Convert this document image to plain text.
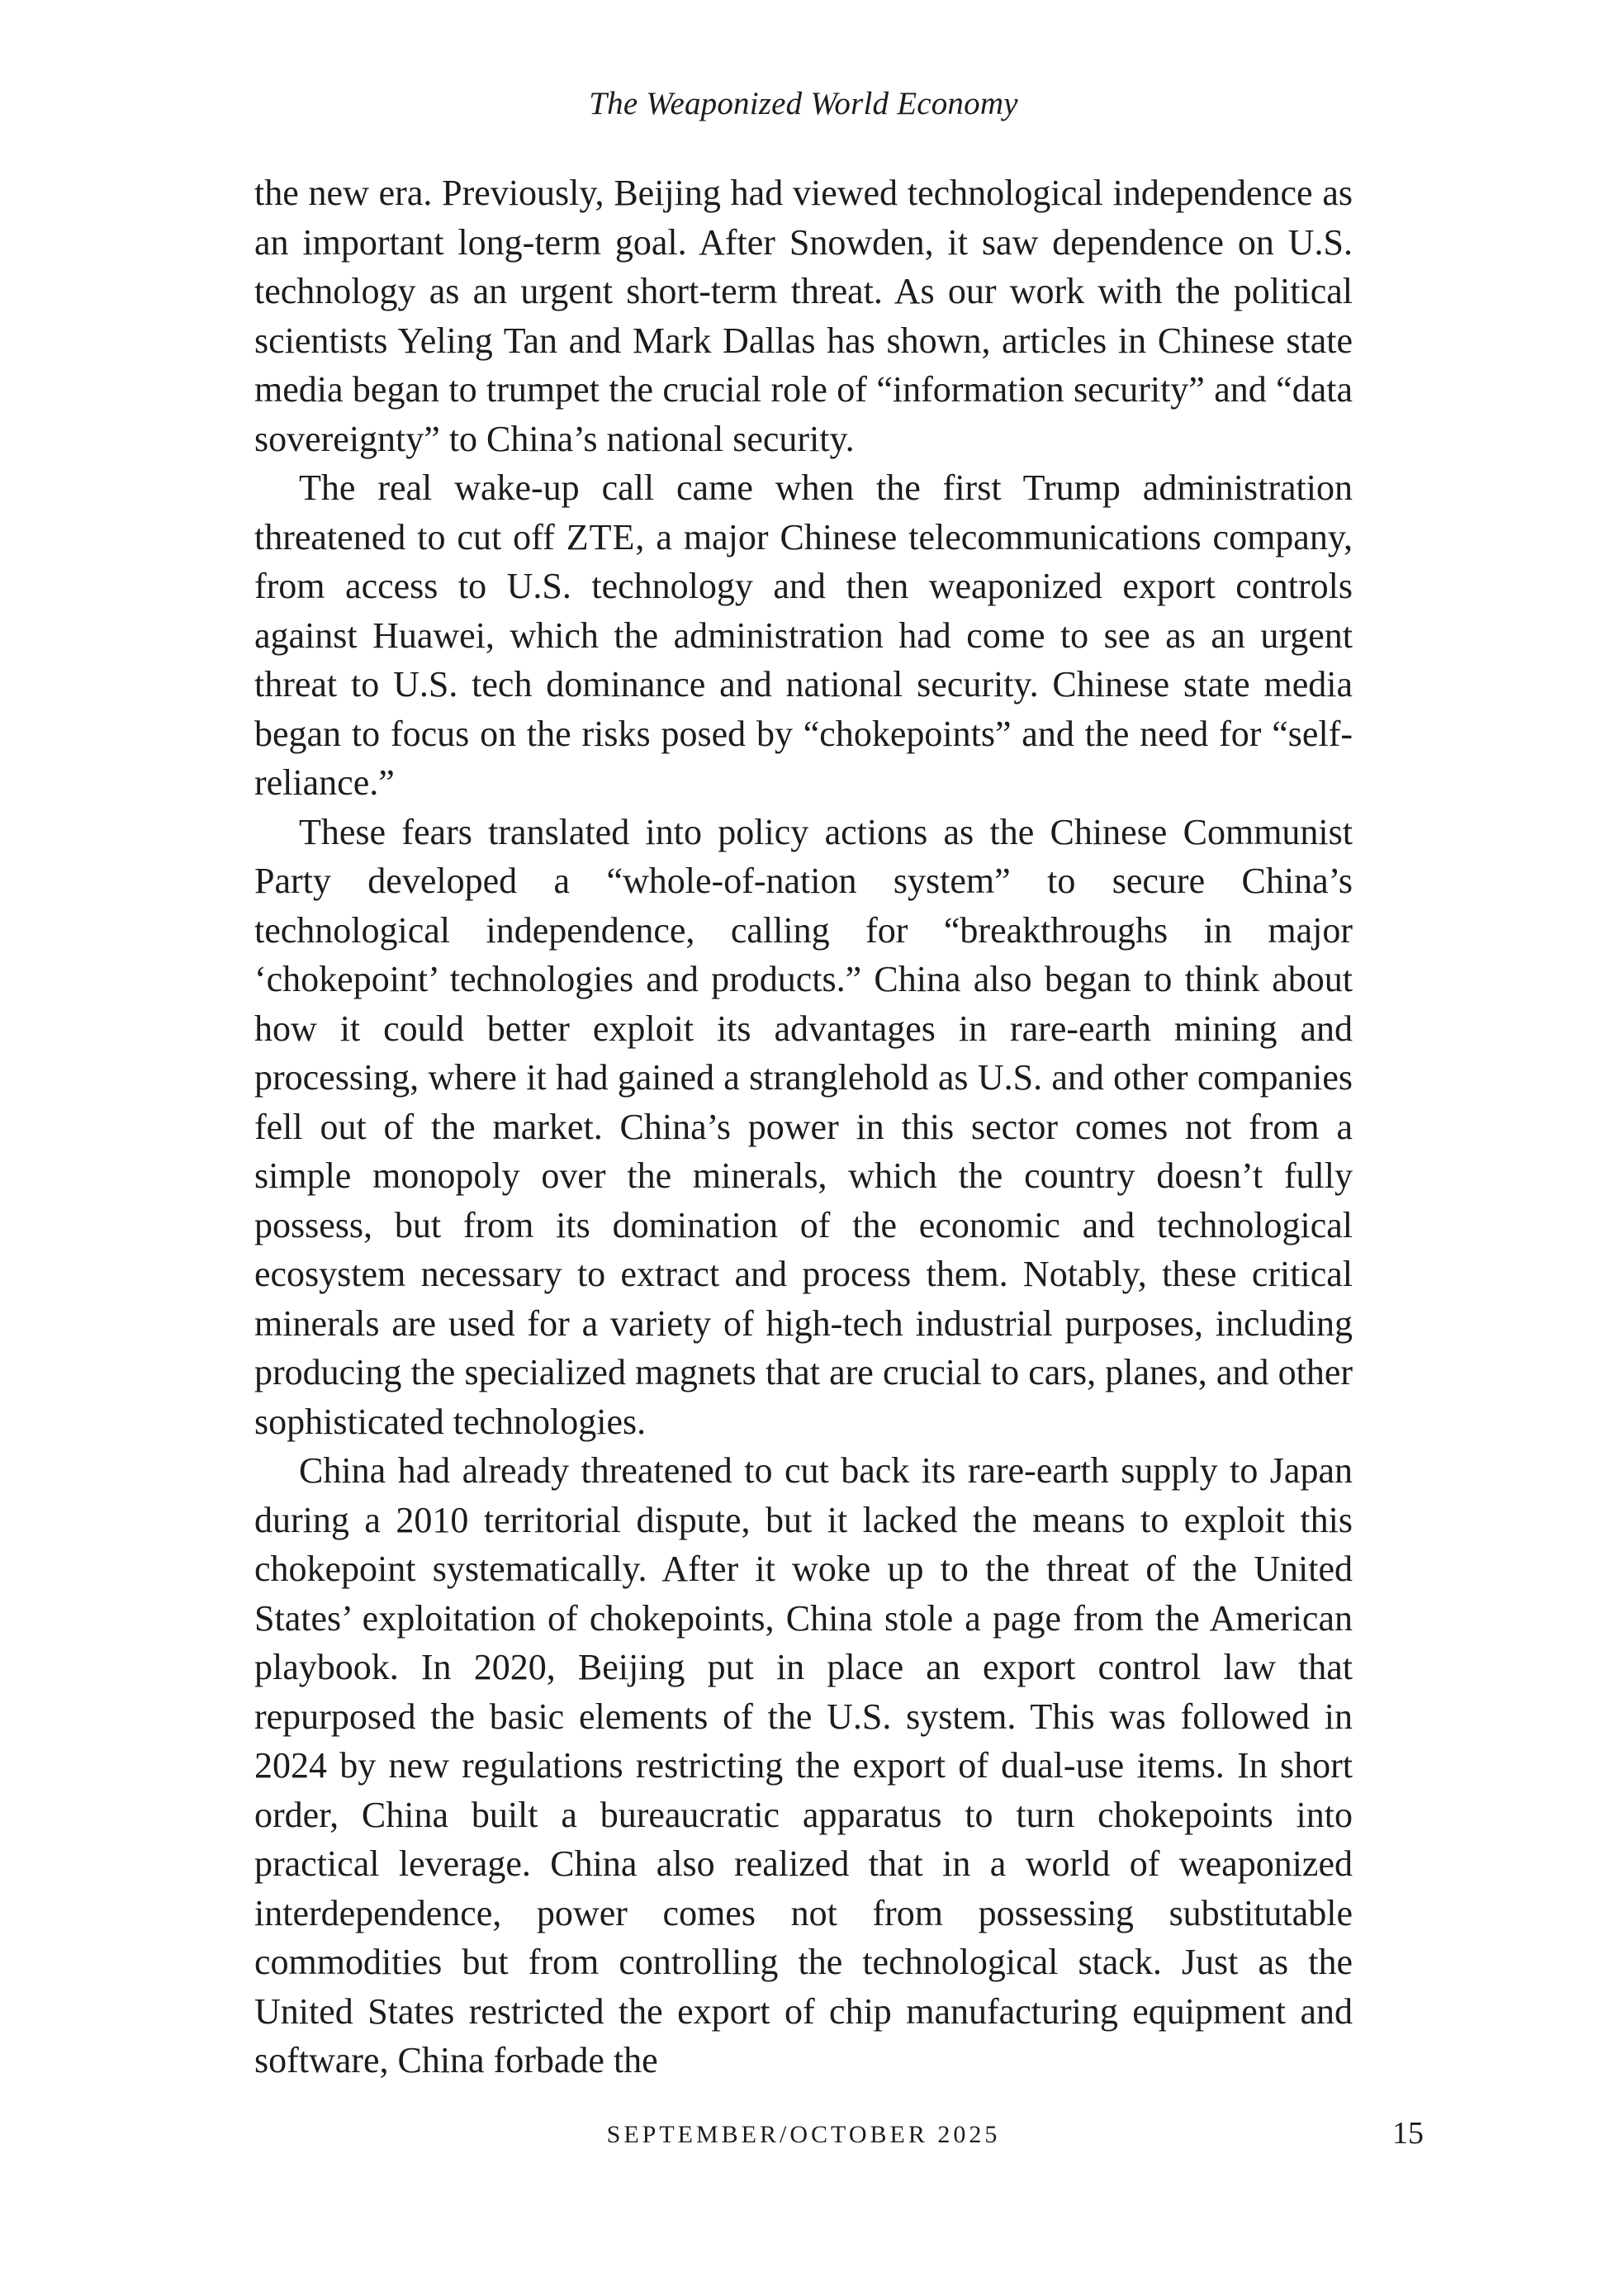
The Weaponized World Economy

the new era. Previously, Beijing had viewed technological independence as an important long-term goal. After Snowden, it saw dependence on U.S. technology as an urgent short-term threat. As our work with the political scientists Yeling Tan and Mark Dallas has shown, articles in Chinese state media began to trumpet the crucial role of “information security” and “data sovereignty” to China’s national security.

The real wake-up call came when the first Trump administration threatened to cut off ZTE, a major Chinese telecommunications company, from access to U.S. technology and then weaponized export controls against Huawei, which the administration had come to see as an urgent threat to U.S. tech dominance and national security. Chinese state media began to focus on the risks posed by “chokepoints” and the need for “self-reliance.”

These fears translated into policy actions as the Chinese Communist Party developed a “whole-of-nation system” to secure China’s technological independence, calling for “breakthroughs in major ‘chokepoint’ technologies and products.” China also began to think about how it could better exploit its advantages in rare-earth mining and processing, where it had gained a stranglehold as U.S. and other companies fell out of the market. China’s power in this sector comes not from a simple monopoly over the minerals, which the country doesn’t fully possess, but from its domination of the economic and technological ecosystem necessary to extract and process them. Notably, these critical minerals are used for a variety of high-tech industrial purposes, including producing the specialized magnets that are crucial to cars, planes, and other sophisticated technologies.

China had already threatened to cut back its rare-earth supply to Japan during a 2010 territorial dispute, but it lacked the means to exploit this chokepoint systematically. After it woke up to the threat of the United States’ exploitation of chokepoints, China stole a page from the American playbook. In 2020, Beijing put in place an export control law that repurposed the basic elements of the U.S. system. This was followed in 2024 by new regulations restricting the export of dual-use items. In short order, China built a bureaucratic apparatus to turn chokepoints into practical leverage. China also realized that in a world of weaponized interdependence, power comes not from possessing substitutable commodities but from controlling the technological stack. Just as the United States restricted the export of chip manufacturing equipment and software, China forbade the

SEPTEMBER/OCTOBER 2025	15
